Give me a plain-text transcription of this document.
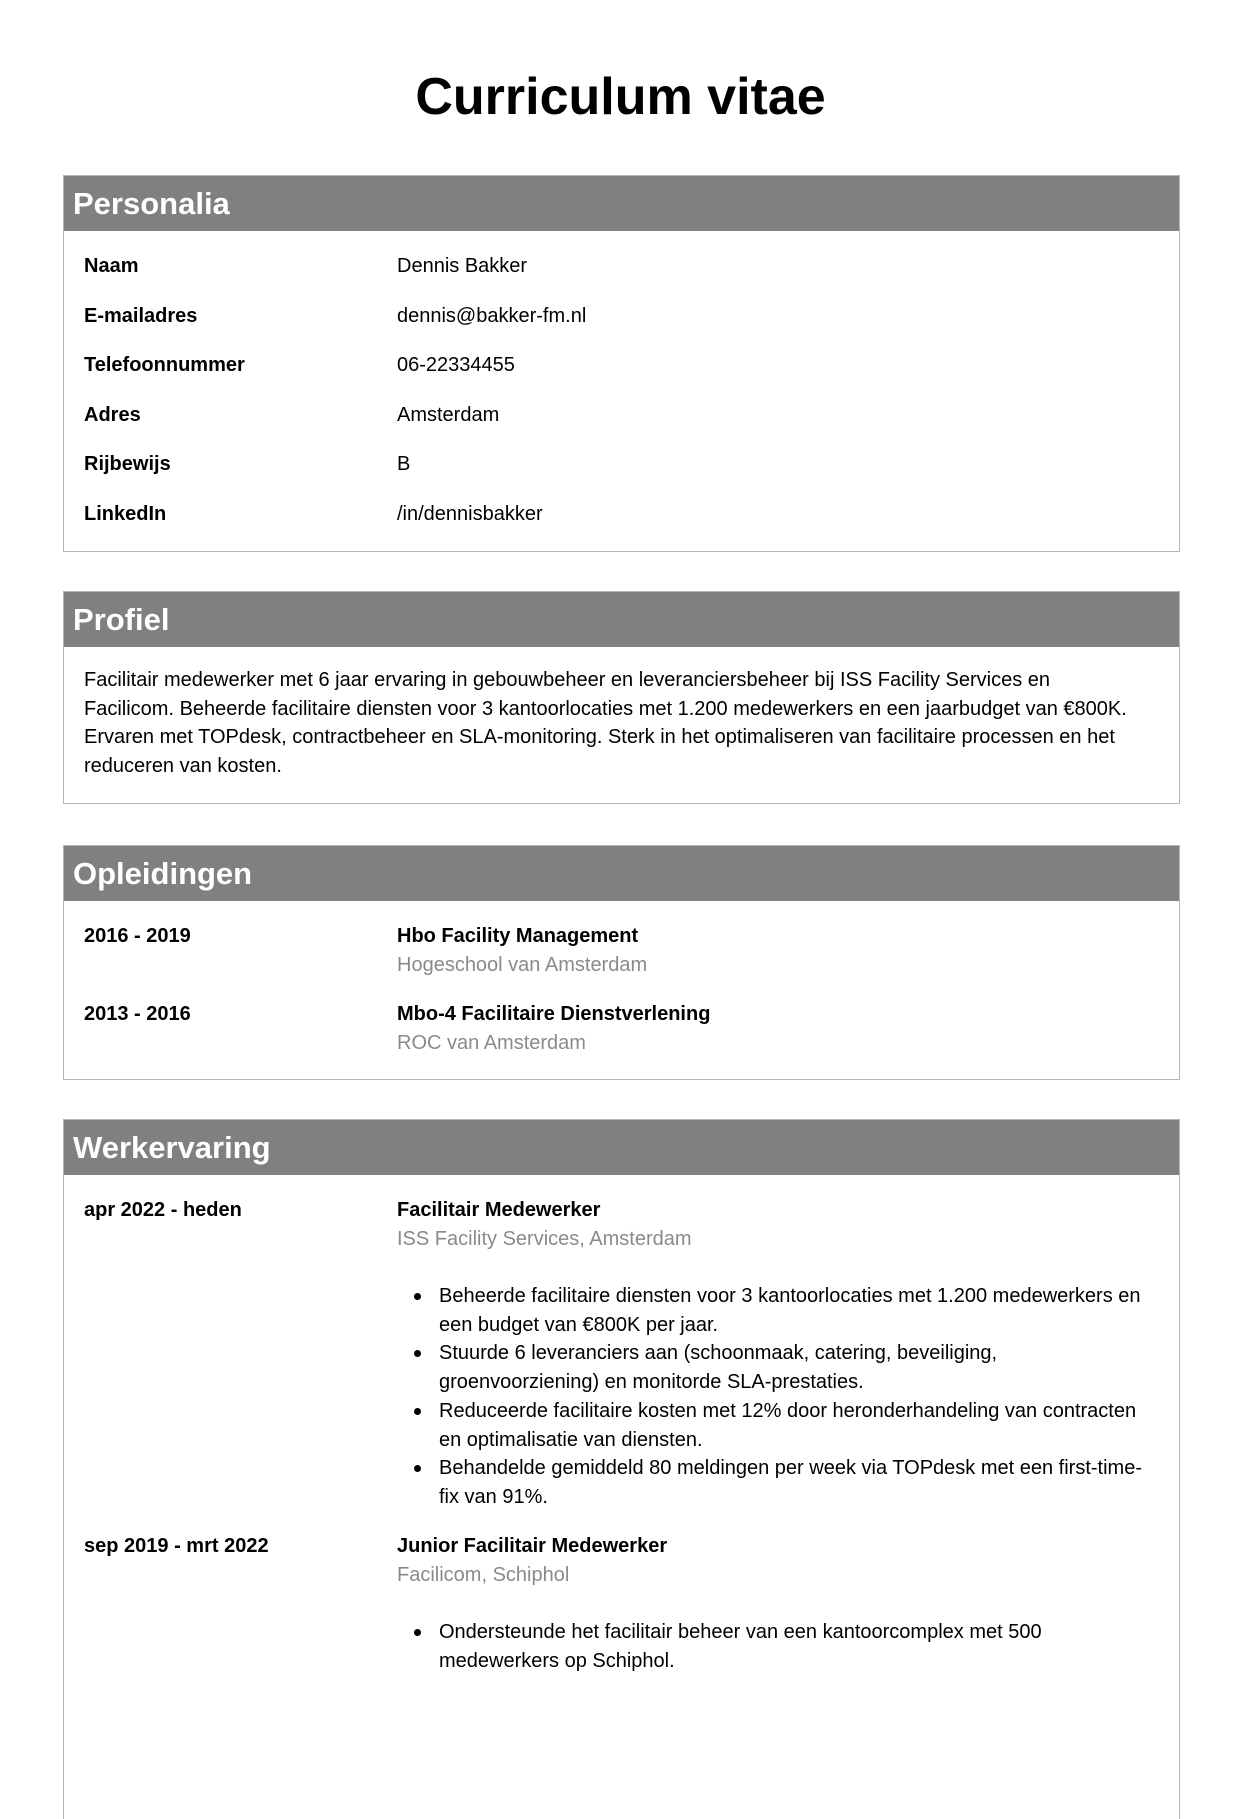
Curriculum vitae
Personalia
Naam	Dennis Bakker
E-mailadres	dennis@bakker-fm.nl
Telefoonnummer	06-22334455
Adres	Amsterdam
Rijbewijs	B
LinkedIn	/in/dennisbakker
Profiel

Facilitair medewerker met 6 jaar ervaring in gebouwbeheer en leveranciersbeheer bij ISS Facility Services en Facilicom. Beheerde facilitaire diensten voor 3 kantoorlocaties met 1.200 medewerkers en een jaarbudget van €800K. Ervaren met TOPdesk, contractbeheer en SLA-monitoring. Sterk in het optimaliseren van facilitaire processen en het reduceren van kosten.

Opleidingen
2016 - 2019	Hbo Facility Management
Hogeschool van Amsterdam
2013 - 2016	Mbo-4 Facilitaire Dienstverlening
ROC van Amsterdam
Werkervaring
apr 2022 - heden	Facilitair Medewerker
ISS Facility Services, Amsterdam
Beheerde facilitaire diensten voor 3 kantoorlocaties met 1.200 medewerkers en een budget van €800K per jaar.
Stuurde 6 leveranciers aan (schoonmaak, catering, beveiliging, groenvoorziening) en monitorde SLA-prestaties.
Reduceerde facilitaire kosten met 12% door heronderhandeling van contracten en optimalisatie van diensten.
Behandelde gemiddeld 80 meldingen per week via TOPdesk met een first-time-fix van 91%.
sep 2019 - mrt 2022	Junior Facilitair Medewerker
Facilicom, Schiphol
Ondersteunde het facilitair beheer van een kantoorcomplex met 500 medewerkers op Schiphol.
